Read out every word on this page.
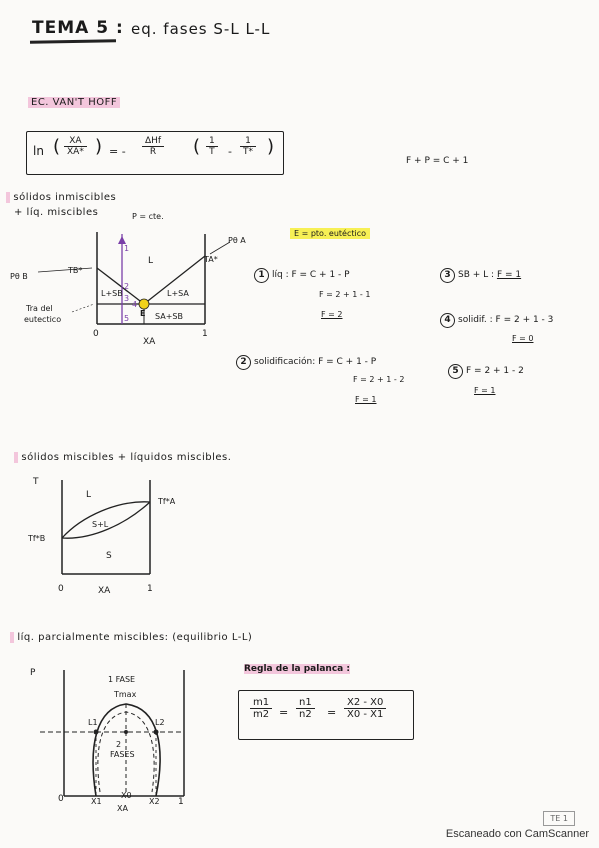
TEMA 5 : eq. fases S-L L-L
EC. VAN'T HOFF
ln ( $\frac{XA}{XA*}$ ) = -
ΔHf
R	( $\frac{1}{T} - \frac{1}{T*}$ )
F + P = C + 1
sólidos inmiscibles
+ líq. miscibles	P = cte.
E = pto. eutéctico
Pθ A
TA*
TB*
Pθ B
L
L+SB	L+SA
SA+SB
E
1
2
3
4
5
Tra del
eutectico
0	1
XA
1 líq : F = C + 1 - P
F = 2 + 1 - 1
F = 2
2 solidificación: F = C + 1 - P
F = 2 + 1 - 2
F = 1
3 SB + L : F = 1
4 solidif. : F = 2 + 1 - 3
F = 0
5 F = 2 + 1 - 2
F = 1
sólidos miscibles + líquidos miscibles.
T
L
S+L
S
Tf*A
Tf*B
0	1
XA
líq. parcialmente miscibles: (equilibrio L-L)
P
1 FASE
Tmax
L1	L2
2
FASES
0	X1
X0
X2 1
XA
Regla de la palanca :
$\frac{m1}{m2} = \frac{n1}{n2} = \frac{X2 - X0}{X0 - X1}$
TE 1
Escaneado con CamScanner
